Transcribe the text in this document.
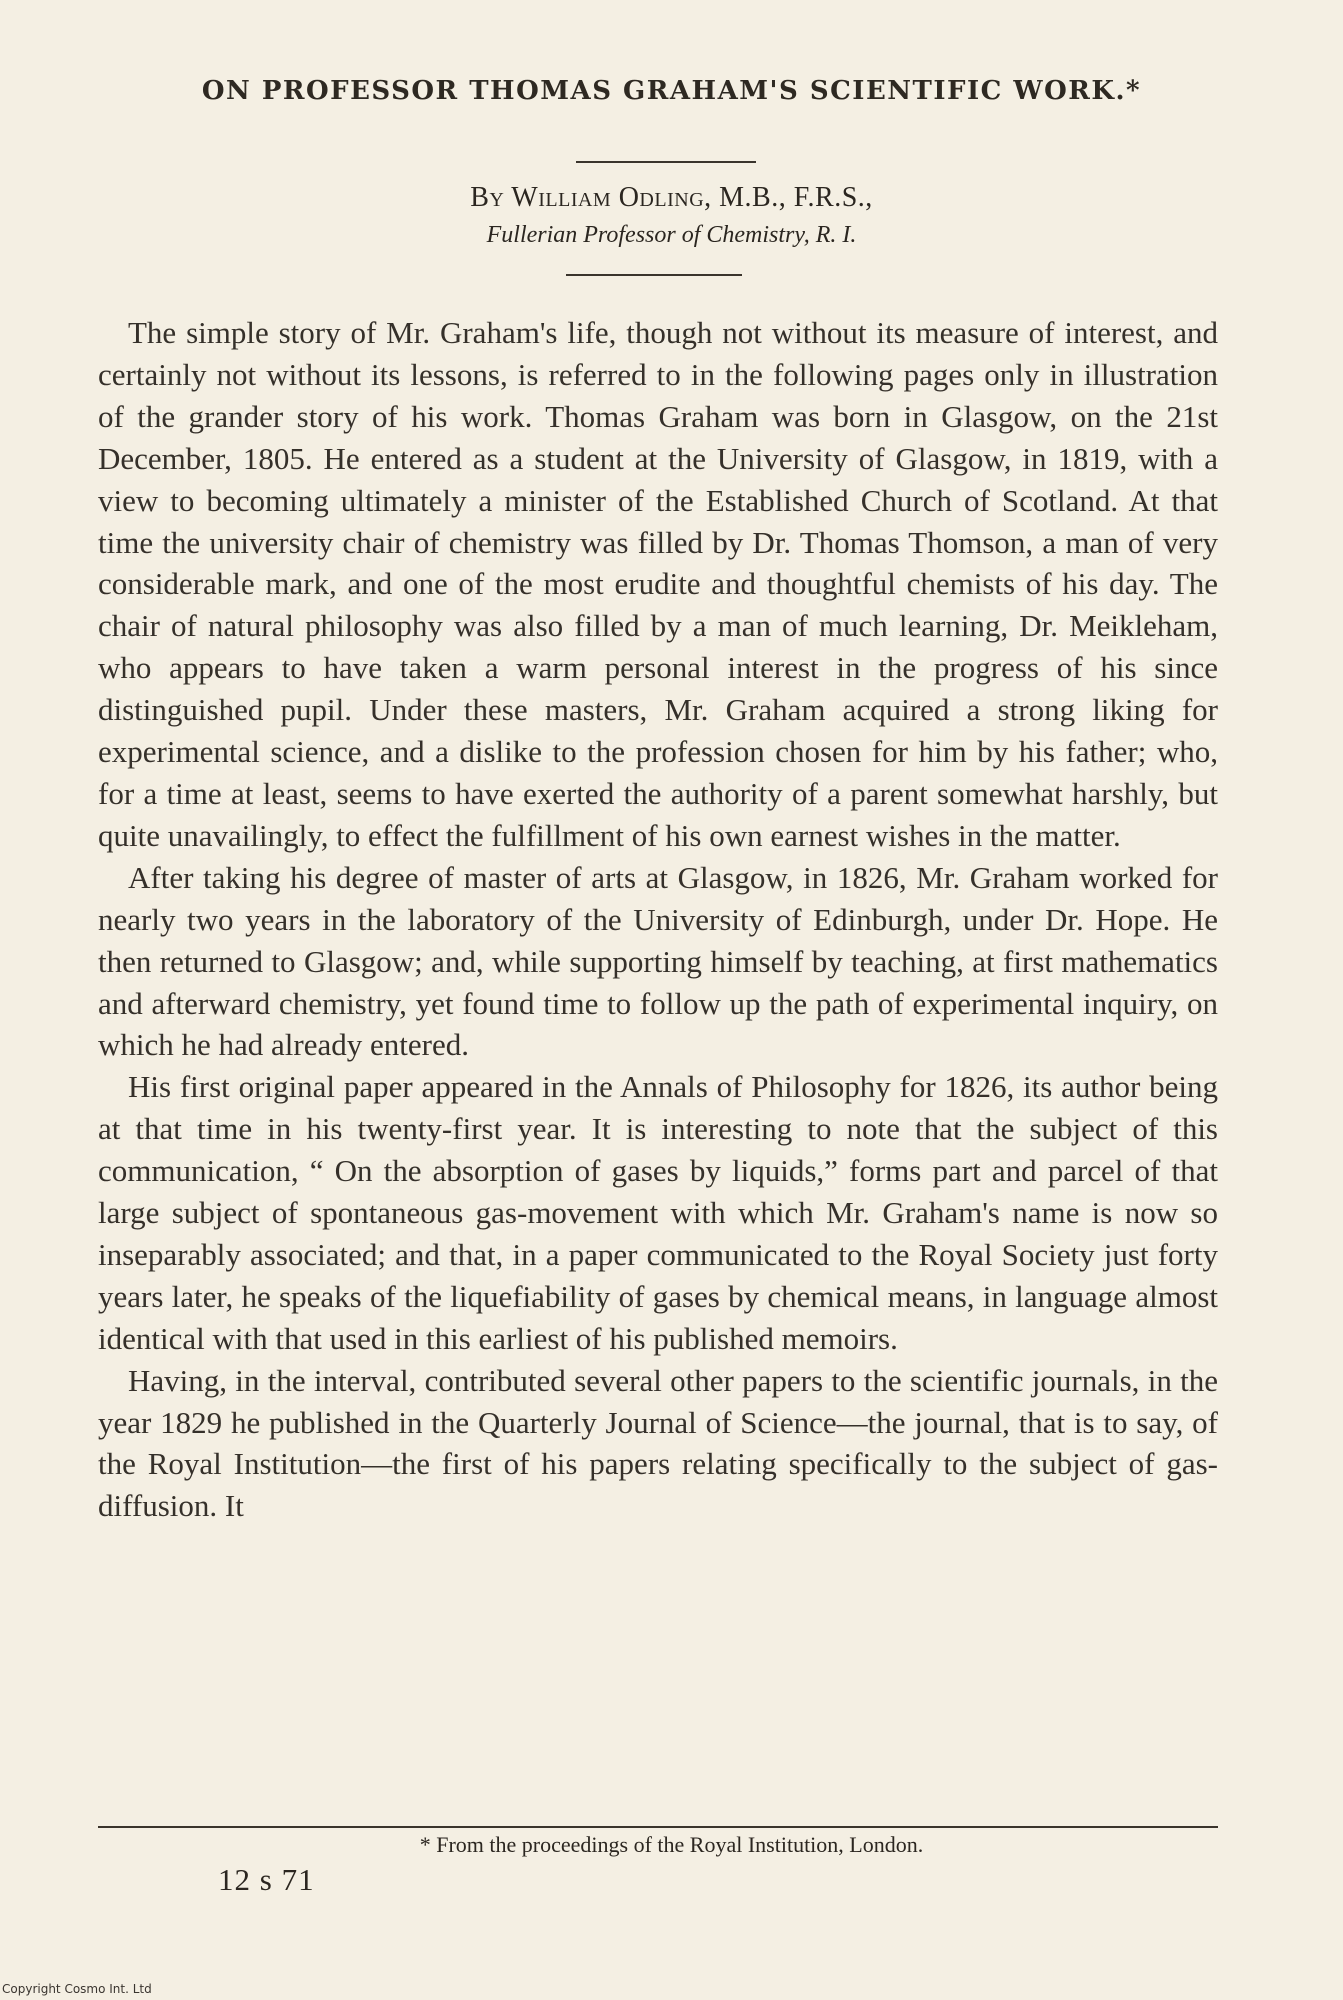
ON PROFESSOR THOMAS GRAHAM'S SCIENTIFIC WORK.*
By William Odling, M.B., F.R.S.,
Fullerian Professor of Chemistry, R. I.

The simple story of Mr. Graham's life, though not without its measure of interest, and certainly not without its lessons, is referred to in the following pages only in illustration of the grander story of his work. Thomas Graham was born in Glasgow, on the 21st December, 1805. He entered as a student at the University of Glasgow, in 1819, with a view to becoming ultimately a minister of the Established Church of Scotland. At that time the university chair of chemistry was filled by Dr. Thomas Thomson, a man of very considerable mark, and one of the most erudite and thoughtful chemists of his day. The chair of natural philosophy was also filled by a man of much learning, Dr. Meikleham, who appears to have taken a warm personal interest in the progress of his since distinguished pupil. Under these masters, Mr. Graham acquired a strong liking for experimental science, and a dislike to the profession chosen for him by his father; who, for a time at least, seems to have exerted the authority of a parent somewhat harshly, but quite unavailingly, to effect the fulfillment of his own earnest wishes in the matter.

After taking his degree of master of arts at Glasgow, in 1826, Mr. Graham worked for nearly two years in the laboratory of the University of Edinburgh, under Dr. Hope. He then returned to Glasgow; and, while supporting himself by teaching, at first mathematics and afterward chemistry, yet found time to follow up the path of experimental inquiry, on which he had already entered.

His first original paper appeared in the Annals of Philosophy for 1826, its author being at that time in his twenty-first year. It is interesting to note that the subject of this communication, “ On the absorption of gases by liquids,” forms part and parcel of that large subject of spontaneous gas-movement with which Mr. Graham's name is now so inseparably associated; and that, in a paper communicated to the Royal Society just forty years later, he speaks of the liquefiability of gases by chemical means, in language almost identical with that used in this earliest of his published memoirs.

Having, in the interval, contributed several other papers to the scientific journals, in the year 1829 he published in the Quarterly Journal of Science—the journal, that is to say, of the Royal Institution—the first of his papers relating specifically to the subject of gas-diffusion. It

* From the proceedings of the Royal Institution, London.
12 s 71
Copyright Cosmo Int. Ltd
